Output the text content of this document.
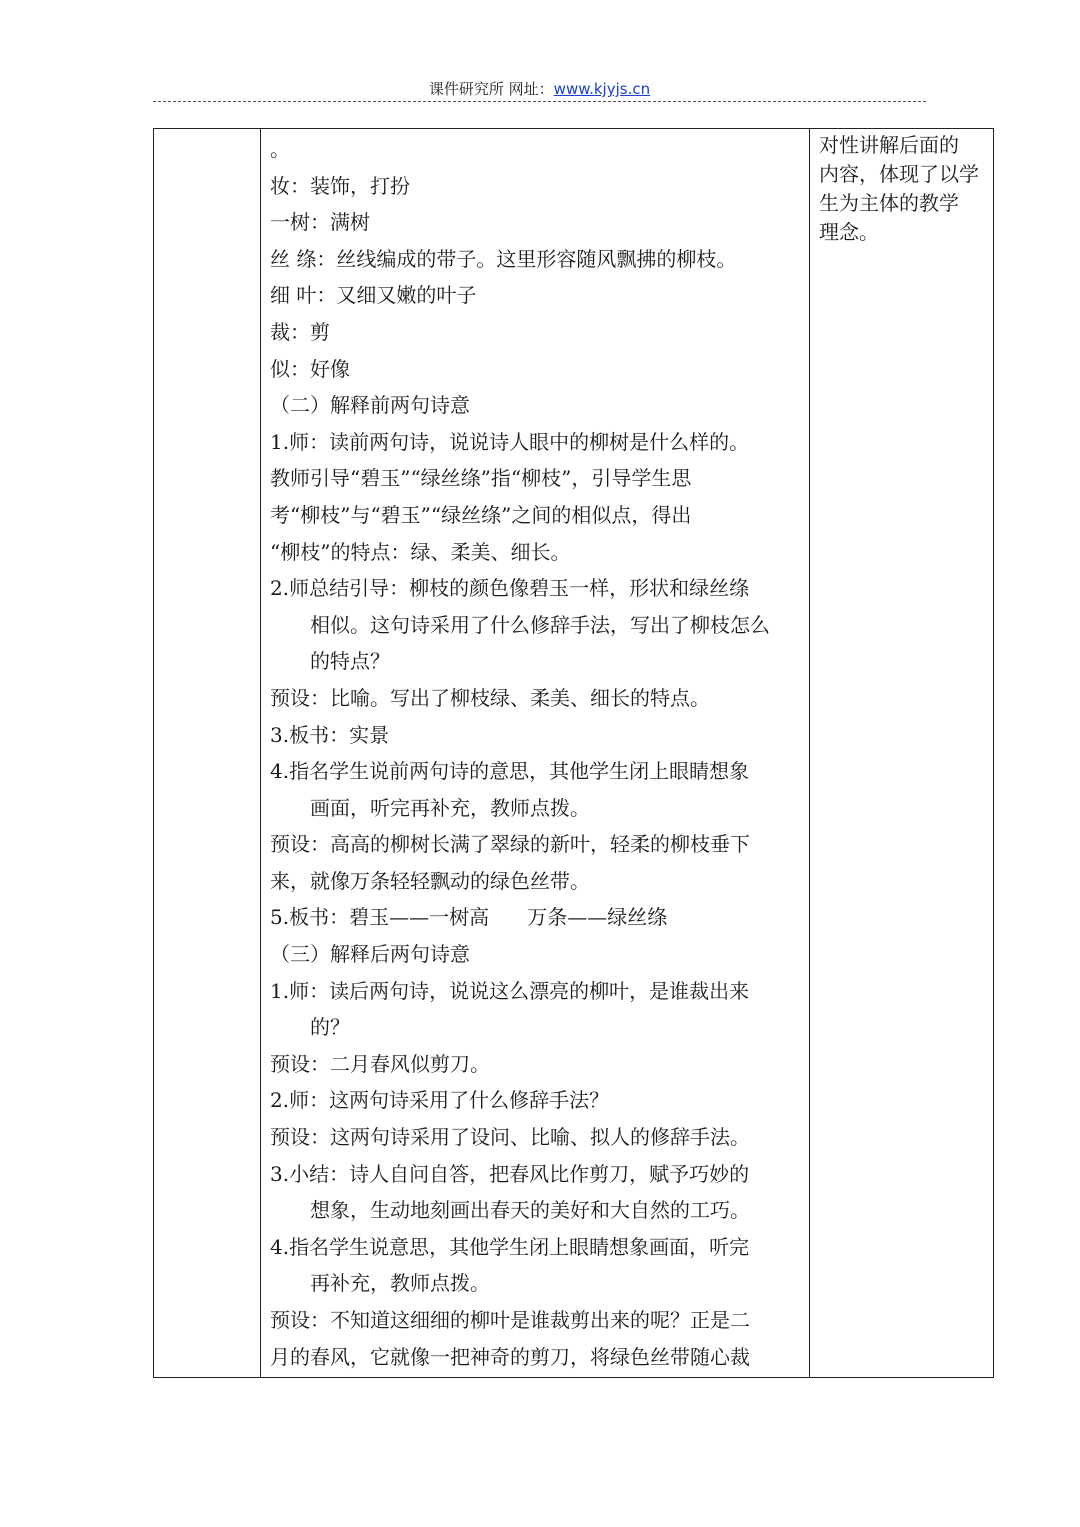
课件研究所 网址：www.kjyjs.cn
。
妆：装饰，打扮
一树：满树
丝 绦：丝线编成的带子。这里形容随风飘拂的柳枝。
细 叶：又细又嫩的叶子
裁：剪
似：好像
（二）解释前两句诗意
1.师：读前两句诗，说说诗人眼中的柳树是什么样的。
教师引导“碧玉”“绿丝绦”指“柳枝”，引导学生思
考“柳枝”与“碧玉”“绿丝绦”之间的相似点，得出
“柳枝”的特点：绿、柔美、细长。
2.师总结引导：柳枝的颜色像碧玉一样，形状和绿丝绦
相似。这句诗采用了什么修辞手法，写出了柳枝怎么
的特点？
预设：比喻。写出了柳枝绿、柔美、细长的特点。
3.板书：实景
4.指名学生说前两句诗的意思，其他学生闭上眼睛想象
画面，听完再补充，教师点拨。
预设：高高的柳树长满了翠绿的新叶，轻柔的柳枝垂下
来，就像万条轻轻飘动的绿色丝带。
5.板书：碧玉——一树高      万条——绿丝绦
（三）解释后两句诗意
1.师：读后两句诗，说说这么漂亮的柳叶，是谁裁出来
的？
预设：二月春风似剪刀。
2.师：这两句诗采用了什么修辞手法？
预设：这两句诗采用了设问、比喻、拟人的修辞手法。
3.小结：诗人自问自答，把春风比作剪刀，赋予巧妙的
想象，生动地刻画出春天的美好和大自然的工巧。
4.指名学生说意思，其他学生闭上眼睛想象画面，听完
再补充，教师点拨。
预设：不知道这细细的柳叶是谁裁剪出来的呢？正是二
月的春风，它就像一把神奇的剪刀，将绿色丝带随心裁
对性讲解后面的
内容，体现了以学
生为主体的教学
理念。
